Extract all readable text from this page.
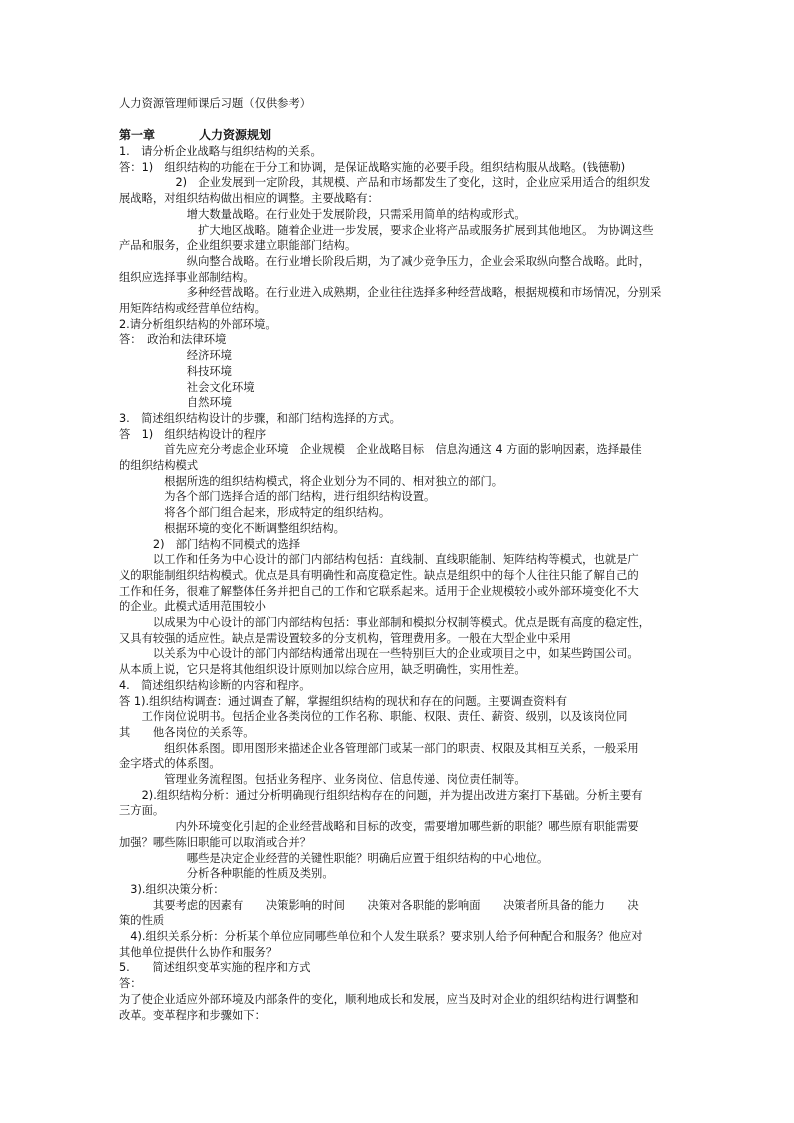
人力资源管理师课后习题（仅供参考）
第一章	人力资源规划
1.　请分析企业战略与组织结构的关系。
答：1)　组织结构的功能在于分工和协调，是保证战略实施的必要手段。组织结构服从战略。(钱德勒)
　　　　　2)　企业发展到一定阶段，其规模、产品和市场都发生了变化，这时，企业应采用适合的组织发
展战略，对组织结构做出相应的调整。主要战略有：
　　　　　　增大数量战略。在行业处于发展阶段，只需采用简单的结构或形式。
　　　　　　　扩大地区战略。随着企业进一步发展，要求企业将产品或服务扩展到其他地区。 为协调这些
产品和服务，企业组织要求建立职能部门结构。
　　　　　　纵向整合战略。在行业增长阶段后期，为了减少竞争压力，企业会采取纵向整合战略。此时，
组织应选择事业部制结构。
　　　　　　多种经营战略。在行业进入成熟期，企业往往选择多种经营战略，根据规模和市场情况，分别采
用矩阵结构或经营单位结构。
2.请分析组织结构的外部环境。
答：　政治和法律环境
　　　　　　经济环境
　　　　　　科技环境
　　　　　　社会文化环境
　　　　　　自然环境
3.　简述组织结构设计的步骤，和部门结构选择的方式。
答　1)　组织结构设计的程序
　　　　首先应充分考虑企业环境　企业规模　企业战略目标　信息沟通这 4 方面的影响因素，选择最佳
的组织结构模式
　　　　根据所选的组织结构模式，将企业划分为不同的、相对独立的部门。
　　　　为各个部门选择合适的部门结构，进行组织结构设置。
　　　　将各个部门组合起来，形成特定的组织结构。
　　　　根据环境的变化不断调整组织结构。
　　　2)　部门结构不同模式的选择
　　　以工作和任务为中心设计的部门内部结构包括：直线制、直线职能制、矩阵结构等模式，也就是广
义的职能制组织结构模式。优点是具有明确性和高度稳定性。缺点是组织中的每个人往往只能了解自己的
工作和任务，很难了解整体任务并把自己的工作和它联系起来。适用于企业规模较小或外部环境变化不大
的企业。此模式适用范围较小
　　　以成果为中心设计的部门内部结构包括：事业部制和模拟分权制等模式。优点是既有高度的稳定性，
又具有较强的适应性。缺点是需设置较多的分支机构，管理费用多。一般在大型企业中采用
　　　以关系为中心设计的部门内部结构通常出现在一些特别巨大的企业或项目之中，如某些跨国公司。
从本质上说，它只是将其他组织设计原则加以综合应用，缺乏明确性，实用性差。
4.　简述组织结构诊断的内容和程序。
答 1).组织结构调查：通过调查了解，掌握组织结构的现状和存在的问题。主要调查资料有
　　工作岗位说明书。包括企业各类岗位的工作名称、职能、权限、责任、薪资、级别，以及该岗位同
其　　他各岗位的关系等。
　　　　组织体系图。即用图形来描述企业各管理部门或某一部门的职责、权限及其相互关系，一般采用
金字塔式的体系图。
　　　　管理业务流程图。包括业务程序、业务岗位、信息传递、岗位责任制等。
　　2).组织结构分析：通过分析明确现行组织结构存在的问题，并为提出改进方案打下基础。分析主要有
三方面。
　　　　　内外环境变化引起的企业经营战略和目标的改变，需要增加哪些新的职能？哪些原有职能需要
加强？哪些陈旧职能可以取消或合并？
　　　　　　哪些是决定企业经营的关键性职能？明确后应置于组织结构的中心地位。
　　　　　　分析各种职能的性质及类别。
　3).组织决策分析：
　　　其要考虑的因素有　　决策影响的时间　　决策对各职能的影响面　　决策者所具备的能力　　决
策的性质
　4).组织关系分析：分析某个单位应同哪些单位和个人发生联系？要求别人给予何种配合和服务？他应对
其他单位提供什么协作和服务？
5.　　简述组织变革实施的程序和方式
答：
为了使企业适应外部环境及内部条件的变化，顺利地成长和发展，应当及时对企业的组织结构进行调整和
改革。变革程序和步骤如下：
